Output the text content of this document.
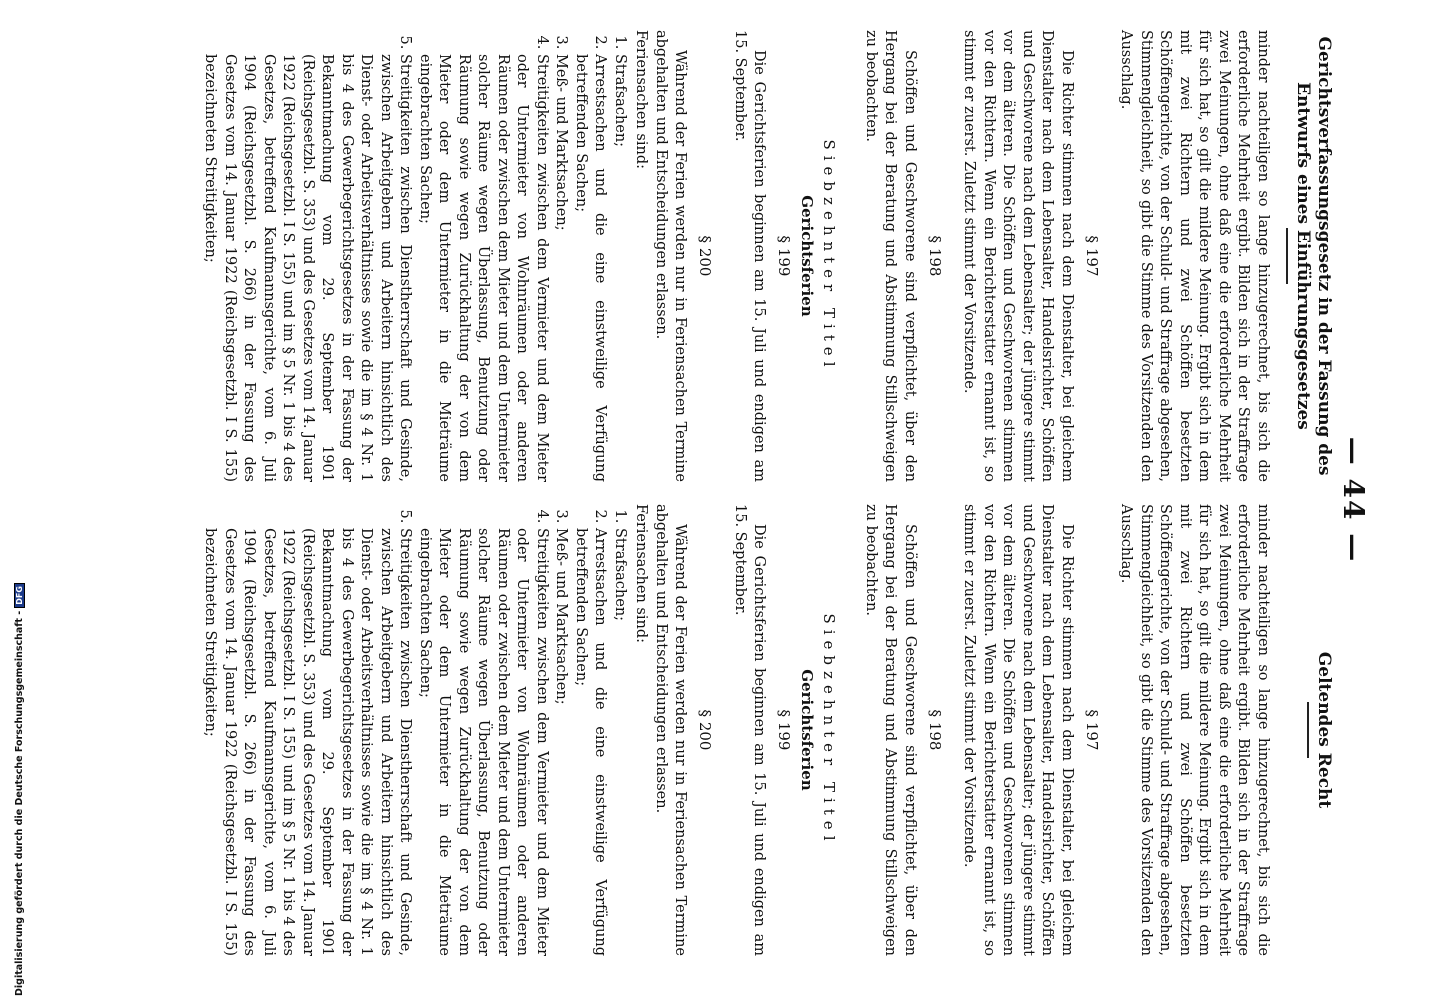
— 44 —
Gerichtsverfassungsgesetz in der Fassung des Entwurfs eines Einführungsgesetzes

minder nachteiligen so lange hinzugerechnet, bis sich die erforderliche Mehrheit ergibt. Bilden sich in der Straffrage zwei Meinungen, ohne daß eine die erforderliche Mehrheit für sich hat, so gilt die mildere Meinung. Ergibt sich in dem mit zwei Richtern und zwei Schöffen besetzten Schöffengerichte, von der Schuld- und Straffrage abgesehen, Stimmengleichheit, so gibt die Stimme des Vorsitzenden den Ausschlag.

§ 197

Die Richter stimmen nach dem Dienstalter, bei gleichem Dienstalter nach dem Lebensalter, Handelsrichter, Schöffen und Geschworene nach dem Lebensalter; der jüngere stimmt vor dem älteren. Die Schöffen und Geschworenen stimmen vor den Richtern. Wenn ein Berichterstatter ernannt ist, so stimmt er zuerst. Zuletzt stimmt der Vorsitzende.

§ 198

Schöffen und Geschworene sind verpflichtet, über den Hergang bei der Beratung und Abstimmung Stillschweigen zu beobachten.

Siebzehnter Titel
Gerichtsferien
§ 199

Die Gerichtsferien beginnen am 15. Juli und endigen am 15. September.

§ 200

Während der Ferien werden nur in Feriensachen Termine abgehalten und Entscheidungen erlassen.

Feriensachen sind:

1. Strafsachen;
2. Arrestsachen und die eine einstweilige Verfügung betreffenden Sachen;
3. Meß- und Marktsachen;
4. Streitigkeiten zwischen dem Vermieter und dem Mieter oder Untermieter von Wohnräumen oder anderen Räumen oder zwischen dem Mieter und dem Untermieter solcher Räume wegen Überlassung, Benutzung oder Räumung sowie wegen Zurückhaltung der von dem Mieter oder dem Untermieter in die Mieträume eingebrachten Sachen;
5. Streitigkeiten zwischen Dienstherrschaft und Gesinde, zwischen Arbeitgebern und Arbeitern hinsichtlich des Dienst- oder Arbeitsverhältnisses sowie die im § 4 Nr. 1 bis 4 des Gewerbegerichtsgesetzes in der Fassung der Bekanntmachung vom 29. September 1901 (Reichsgesetzbl. S. 353) und des Gesetzes vom 14. Januar 1922 (Reichsgesetzbl. I S. 155) und im § 5 Nr. 1 bis 4 des Gesetzes, betreffend Kaufmannsgerichte, vom 6. Juli 1904 (Reichsgesetzbl. S. 266) in der Fassung des Gesetzes vom 14. Januar 1922 (Reichsgesetzbl. I S. 155) bezeichneten Streitigkeiten;
Geltendes Recht

minder nachteiligen so lange hinzugerechnet, bis sich die erforderliche Mehrheit ergibt. Bilden sich in der Straffrage zwei Meinungen, ohne daß eine die erforderliche Mehrheit für sich hat, so gilt die mildere Meinung. Ergibt sich in dem mit zwei Richtern und zwei Schöffen besetzten Schöffengerichte, von der Schuld- und Straffrage abgesehen, Stimmengleichheit, so gibt die Stimme des Vorsitzenden den Ausschlag.

§ 197

Die Richter stimmen nach dem Dienstalter, bei gleichem Dienstalter nach dem Lebensalter, Handelsrichter, Schöffen und Geschworene nach dem Lebensalter; der jüngere stimmt vor dem älteren. Die Schöffen und Geschworenen stimmen vor den Richtern. Wenn ein Berichterstatter ernannt ist, so stimmt er zuerst. Zuletzt stimmt der Vorsitzende.

§ 198

Schöffen und Geschworene sind verpflichtet, über den Hergang bei der Beratung und Abstimmung Stillschweigen zu beobachten.

Siebzehnter Titel
Gerichtsferien
§ 199

Die Gerichtsferien beginnen am 15. Juli und endigen am 15. September.

§ 200

Während der Ferien werden nur in Feriensachen Termine abgehalten und Entscheidungen erlassen.

Feriensachen sind:

1. Strafsachen;
2. Arrestsachen und die eine einstweilige Verfügung betreffenden Sachen;
3. Meß- und Marktsachen;
4. Streitigkeiten zwischen dem Vermieter und dem Mieter oder Untermieter von Wohnräumen oder anderen Räumen oder zwischen dem Mieter und dem Untermieter solcher Räume wegen Überlassung, Benutzung oder Räumung sowie wegen Zurückhaltung der von dem Mieter oder dem Untermieter in die Mieträume eingebrachten Sachen;
5. Streitigkeiten zwischen Dienstherrschaft und Gesinde, zwischen Arbeitgebern und Arbeitern hinsichtlich des Dienst- oder Arbeitsverhältnisses sowie die im § 4 Nr. 1 bis 4 des Gewerbegerichtsgesetzes in der Fassung der Bekanntmachung vom 29. September 1901 (Reichsgesetzbl. S. 353) und des Gesetzes vom 14. Januar 1922 (Reichsgesetzbl. I S. 155) und im § 5 Nr. 1 bis 4 des Gesetzes, betreffend Kaufmannsgerichte, vom 6. Juli 1904 (Reichsgesetzbl. S. 266) in der Fassung des Gesetzes vom 14. Januar 1922 (Reichsgesetzbl. I S. 155) bezeichneten Streitigkeiten;
Digitalisierung gefördert durch die Deutsche Forschungsgemeinschaft -
DFG
